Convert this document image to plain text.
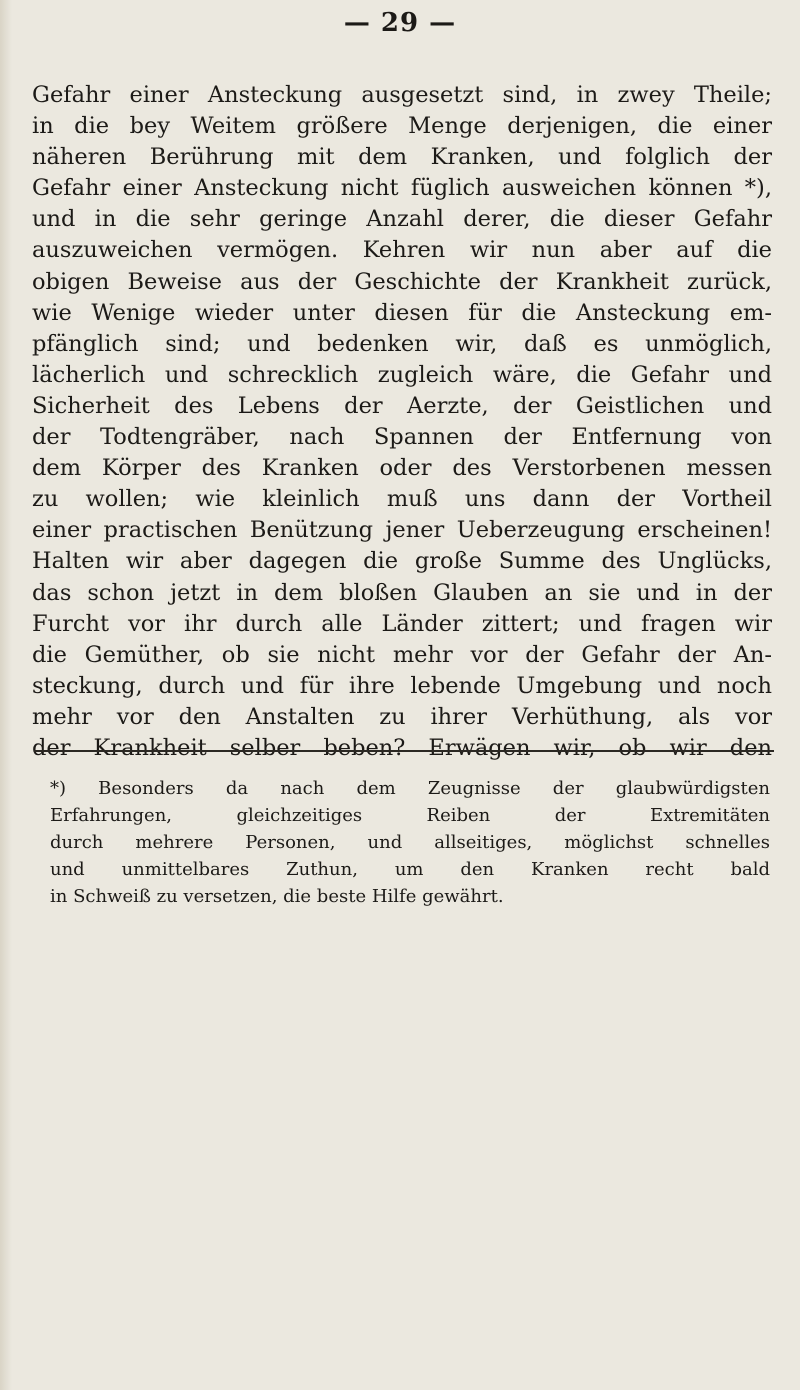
— 29 —
Gefahr einer Ansteckung ausgesetzt sind, in zwey Theile;
in die bey Weitem größere Menge derjenigen, die einer
näheren Berührung mit dem Kranken, und folglich der
Gefahr einer Ansteckung nicht füglich ausweichen können *),
und in die sehr geringe Anzahl derer, die dieser Gefahr
auszuweichen vermögen. Kehren wir nun aber auf die
obigen Beweise aus der Geschichte der Krankheit zurück,
wie Wenige wieder unter diesen für die Ansteckung em-
pfänglich sind; und bedenken wir, daß es unmöglich,
lächerlich und schrecklich zugleich wäre, die Gefahr und
Sicherheit des Lebens der Aerzte, der Geistlichen und
der Todtengräber, nach Spannen der Entfernung von
dem Körper des Kranken oder des Verstorbenen messen
zu wollen; wie kleinlich muß uns dann der Vortheil
einer practischen Benützung jener Ueberzeugung erscheinen!
Halten wir aber dagegen die große Summe des Unglücks,
das schon jetzt in dem bloßen Glauben an sie und in der
Furcht vor ihr durch alle Länder zittert; und fragen wir
die Gemüther, ob sie nicht mehr vor der Gefahr der An-
steckung, durch und für ihre lebende Umgebung und noch
mehr vor den Anstalten zu ihrer Verhüthung, als vor
der Krankheit selber beben? Erwägen wir, ob wir den
*) Besonders da nach dem Zeugnisse der glaubwürdigsten
Erfahrungen, gleichzeitiges Reiben der Extremitäten
durch mehrere Personen, und allseitiges, möglichst schnelles
und unmittelbares Zuthun, um den Kranken recht bald
in Schweiß zu versetzen, die beste Hilfe gewährt.
